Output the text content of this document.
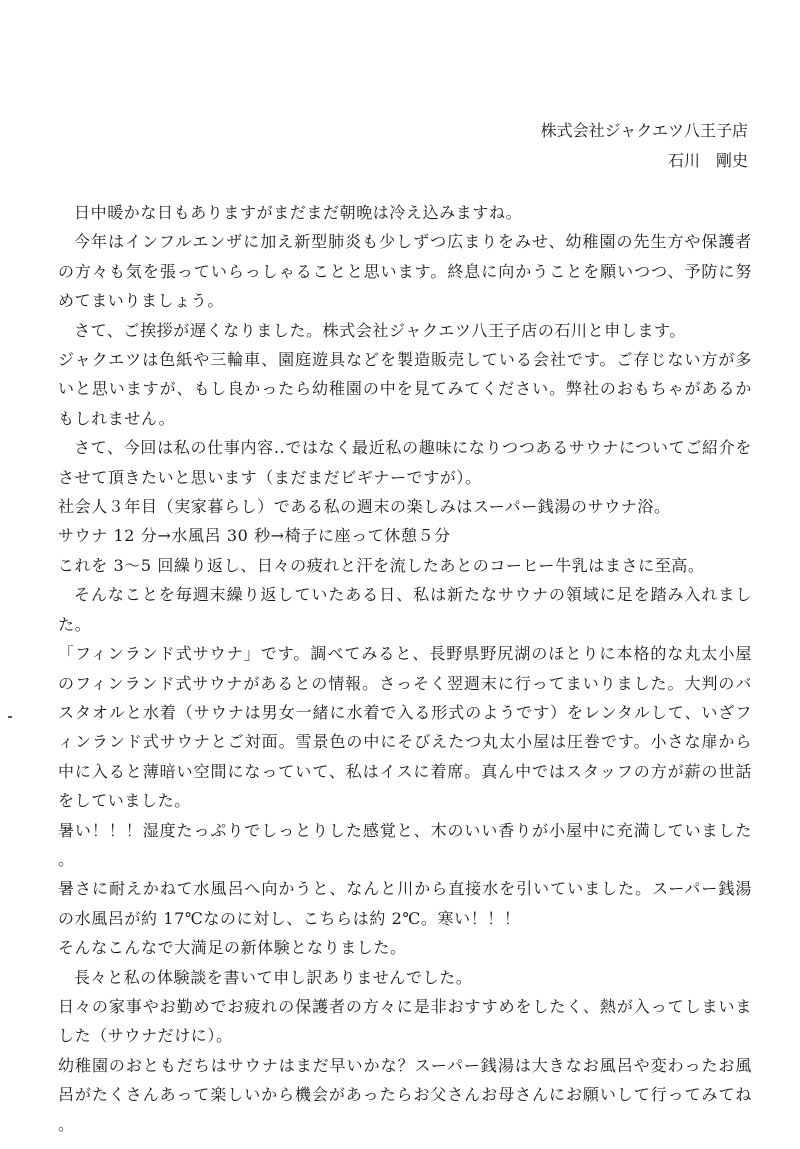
株式会社ジャクエツ八王子店
石川　剛史

日中暖かな日もありますがまだまだ朝晩は冷え込みますね。

今年はインフルエンザに加え新型肺炎も少しずつ広まりをみせ、幼稚園の先生方や保護者の方々も気を張っていらっしゃることと思います。終息に向かうことを願いつつ、予防に努めてまいりましょう。

さて、ご挨拶が遅くなりました。株式会社ジャクエツ八王子店の石川と申します。

ジャクエツは色紙や三輪車、園庭遊具などを製造販売している会社です。ご存じない方が多いと思いますが、もし良かったら幼稚園の中を見てみてください。弊社のおもちゃがあるかもしれません。

さて、今回は私の仕事内容..ではなく最近私の趣味になりつつあるサウナについてご紹介をさせて頂きたいと思います（まだまだビギナーですが）。

社会人３年目（実家暮らし）である私の週末の楽しみはスーパー銭湯のサウナ浴。

サウナ 12 分→水風呂 30 秒→椅子に座って休憩５分

これを 3～5 回繰り返し、日々の疲れと汗を流したあとのコーヒー牛乳はまさに至高。

そんなことを毎週末繰り返していたある日、私は新たなサウナの領域に足を踏み入れました。

「フィンランド式サウナ」です。調べてみると、長野県野尻湖のほとりに本格的な丸太小屋のフィンランド式サウナがあるとの情報。さっそく翌週末に行ってまいりました。大判のバスタオルと水着（サウナは男女一緒に水着で入る形式のようです）をレンタルして、いざフィンランド式サウナとご対面。雪景色の中にそびえたつ丸太小屋は圧巻です。小さな扉から中に入ると薄暗い空間になっていて、私はイスに着席。真ん中ではスタッフの方が薪の世話をしていました。

暑い！！！湿度たっぷりでしっとりした感覚と、木のいい香りが小屋中に充満していました。

暑さに耐えかねて水風呂へ向かうと、なんと川から直接水を引いていました。スーパー銭湯の水風呂が約 17℃なのに対し、こちらは約 2℃。寒い！！！

そんなこんなで大満足の新体験となりました。

長々と私の体験談を書いて申し訳ありませんでした。

日々の家事やお勤めでお疲れの保護者の方々に是非おすすめをしたく、熱が入ってしまいました（サウナだけに）。

幼稚園のおともだちはサウナはまだ早いかな？スーパー銭湯は大きなお風呂や変わったお風呂がたくさんあって楽しいから機会があったらお父さんお母さんにお願いして行ってみてね。
